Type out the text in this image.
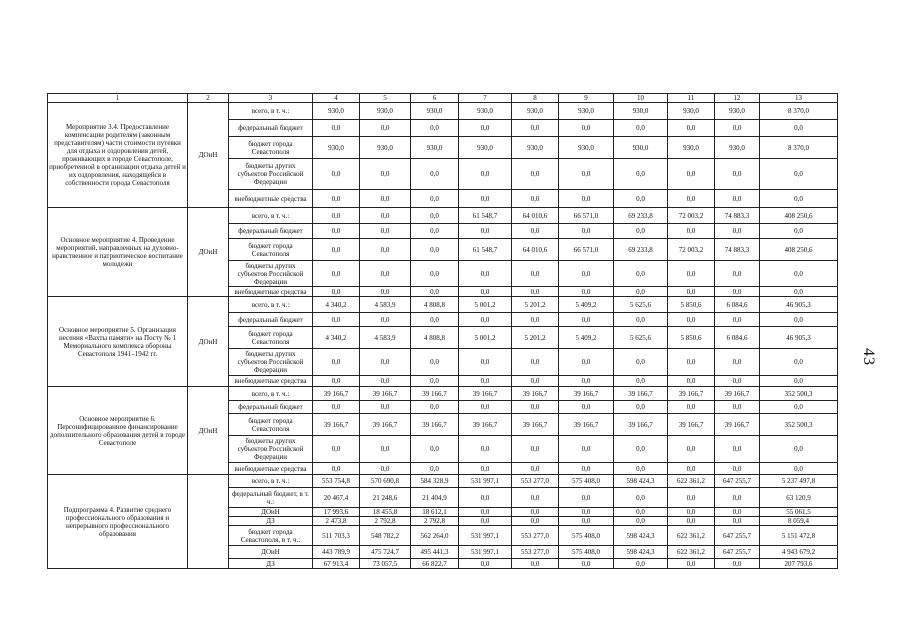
1	2	3	4	5	6	7	8	9	10	11	12	13
Мероприятие 3.4. Предоставление компенсации родителям (законным представителям) части стоимости путевки для отдыха и оздоровления детей, проживающих в городе Севастополе, приобретенной в организации отдыха детей и их оздоровления, находящейся в собственности города Севастополя	ДОиН	всего, в т. ч.:	930,0	930,0	930,0	930,0	930,0	930,0	930,0	930,0	930,0	8 370,0
		федеральный бюджет	0,0	0,0	0,0	0,0	0,0	0,0	0,0	0,0	0,0	0,0
		бюджет города Севастополя	930,0	930,0	930,0	930,0	930,0	930,0	930,0	930,0	930,0	8 370,0
		бюджеты других субъектов Российской Федерации	0,0	0,0	0,0	0,0	0,0	0,0	0,0	0,0	0,0	0,0
		внебюджетные средства	0,0	0,0	0,0	0,0	0,0	0,0	0,0	0,0	0,0	0,0
Основное мероприятие 4. Проведение мероприятий, направленных на духовно-нравственное и патриотическое воспитание молодежи	ДОиН	всего, в т. ч.:	0,0	0,0	0,0	61 548,7	64 010,6	66 571,0	69 233,8	72 003,2	74 883,3	408 250,6
		федеральный бюджет	0,0	0,0	0,0	0,0	0,0	0,0	0,0	0,0	0,0	0,0
		бюджет города Севастополя	0,0	0,0	0,0	61 548,7	64 010,6	66 571,0	69 233,8	72 003,2	74 883,3	408 250,6
		бюджеты других субъектов Российской Федерации	0,0	0,0	0,0	0,0	0,0	0,0	0,0	0,0	0,0	0,0
		внебюджетные средства	0,0	0,0	0,0	0,0	0,0	0,0	0,0	0,0	0,0	0,0
Основное мероприятие 5. Организация несения «Вахты памяти» на Посту № 1 Мемориального комплекса обороны Севастополя 1941–1942 гг.	ДОиН	всего, в т. ч.:	4 340,2	4 583,9	4 808,8	5 001,2	5 201,2	5 409,2	5 625,6	5 850,6	6 084,6	46 905,3
		федеральный бюджет	0,0	0,0	0,0	0,0	0,0	0,0	0,0	0,0	0,0	0,0
		бюджет города Севастополя	4 340,2	4 583,9	4 808,8	5 001,2	5 201,2	5 409,2	5 625,6	5 850,6	6 084,6	46 905,3
		бюджеты других субъектов Российской Федерации	0,0	0,0	0,0	0,0	0,0	0,0	0,0	0,0	0,0	0,0
		внебюджетные средства	0,0	0,0	0,0	0,0	0,0	0,0	0,0	0,0	0,0	0,0
Основное мероприятие 6. Персонифицированное финансирование дополнительного образования детей в городе Севастополе	ДОиН	всего, в т. ч.:	39 166,7	39 166,7	39 166,7	39 166,7	39 166,7	39 166,7	39 166,7	39 166,7	39 166,7	352 500,3
		федеральный бюджет	0,0	0,0	0,0	0,0	0,0	0,0	0,0	0,0	0,0	0,0
		бюджет города Севастополя	39 166,7	39 166,7	39 166,7	39 166,7	39 166,7	39 166,7	39 166,7	39 166,7	39 166,7	352 500,3
		бюджеты других субъектов Российской Федерации	0,0	0,0	0,0	0,0	0,0	0,0	0,0	0,0	0,0	0,0
		внебюджетные средства	0,0	0,0	0,0	0,0	0,0	0,0	0,0	0,0	0,0	0,0
Подпрограмма 4. Развитие среднего профессионального образования и непрерывного профессионального образования		всего, в т. ч.:	553 754,8	570 690,8	584 328,9	531 997,1	553 277,0	575 408,0	598 424,3	622 361,2	647 255,7	5 237 497,8
		федеральный бюджет, в т. ч.:	20 467,4	21 248,6	21 404,9	0,0	0,0	0,0	0,0	0,0	0,0	63 120,9
		ДОиН	17 993,6	18 455,8	18 612,1	0,0	0,0	0,0	0,0	0,0	0,0	55 061,5
		ДЗ	2 473,8	2 792,8	2 792,8	0,0	0,0	0,0	0,0	0,0	0,0	8 059,4
		бюджет города Севастополя, в т. ч.:	511 703,3	548 782,2	562 264,0	531 997,1	553 277,0	575 408,0	598 424,3	622 361,2	647 255,7	5 151 472,8
		ДОиН	443 789,9	475 724,7	495 441,3	531 997,1	553 277,0	575 408,0	598 424,3	622 361,2	647 255,7	4 943 679,2
		ДЗ	67 913,4	73 057,5	66 822,7	0,0	0,0	0,0	0,0	0,0	0,0	207 793,6
43
